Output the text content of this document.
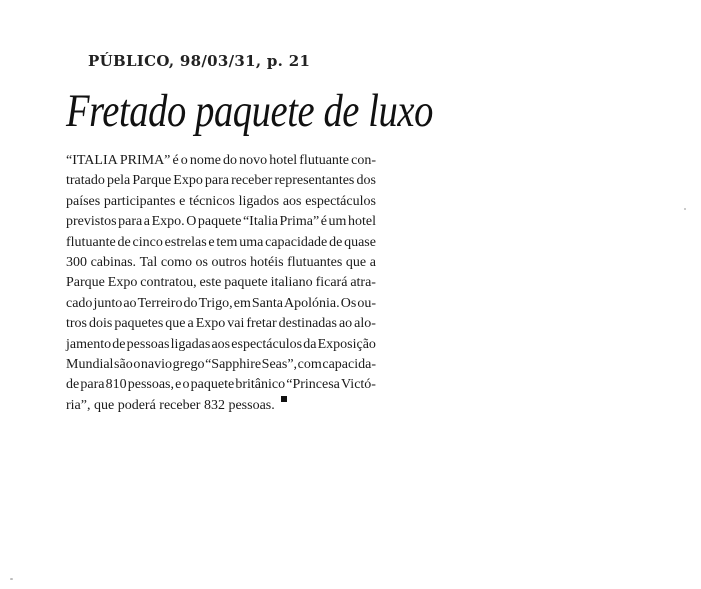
PÚBLICO, 98/03/31, p. 21
Fretado paquete de luxo
“ITALIA PRIMA” é o nome do novo hotel flutuante con-
tratado pela Parque Expo para receber representantes dos
países participantes e técnicos ligados aos espectáculos
previstos para a Expo. O paquete “Italia Prima” é um hotel
flutuante de cinco estrelas e tem uma capacidade de quase
300 cabinas. Tal como os outros hotéis flutuantes que a
Parque Expo contratou, este paquete italiano ficará atra-
cado junto ao Terreiro do Trigo, em Santa Apolónia. Os ou-
tros dois paquetes que a Expo vai fretar destinadas ao alo-
jamento de pessoas ligadas aos espectáculos da Exposição
Mundial são o navio grego “Sapphire Seas”, com capacida-
de para 810 pessoas, e o paquete britânico “Princesa Victó-
ria”, que poderá receber 832 pessoas.
